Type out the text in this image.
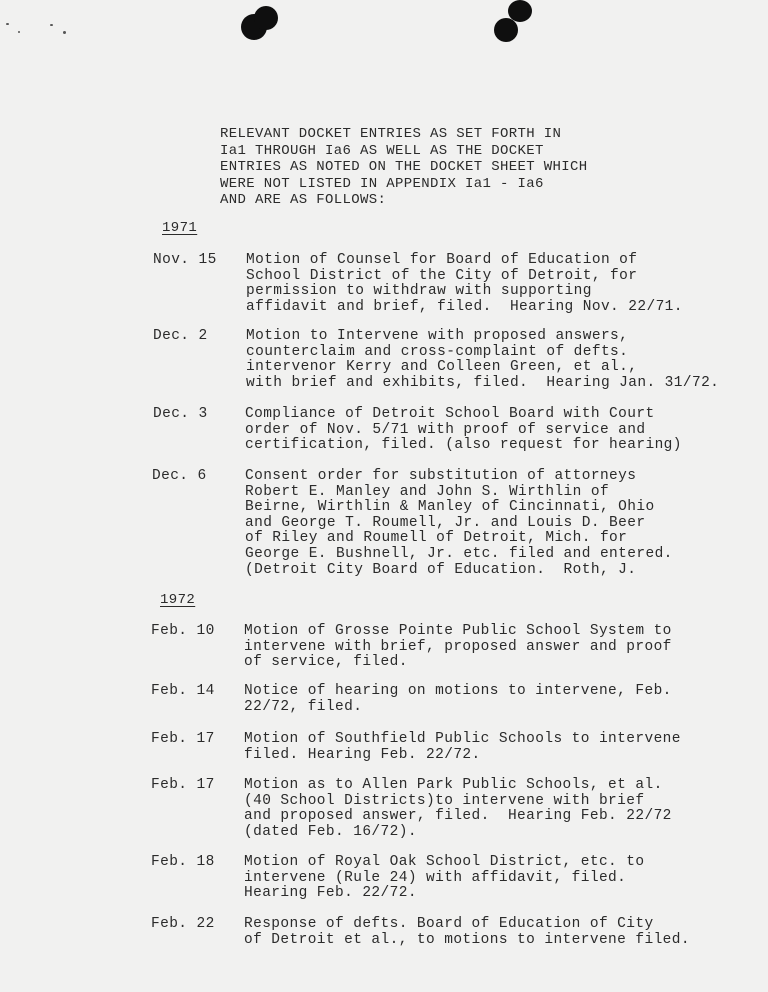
RELEVANT DOCKET ENTRIES AS SET FORTH IN
Ia1 THROUGH Ia6 AS WELL AS THE DOCKET
ENTRIES AS NOTED ON THE DOCKET SHEET WHICH
WERE NOT LISTED IN APPENDIX Ia1 - Ia6
AND ARE AS FOLLOWS:

1971
Nov. 15 Motion of Counsel for Board of Education of
School District of the City of Detroit, for
permission to withdraw with supporting
affidavit and brief, filed.  Hearing Nov. 22/71.
Dec. 2	Motion to Intervene with proposed answers,
counterclaim and cross-complaint of defts.
intervenor Kerry and Colleen Green, et al.,
with brief and exhibits, filed.  Hearing Jan. 31/72.
Dec. 3	Compliance of Detroit School Board with Court
order of Nov. 5/71 with proof of service and
certification, filed. (also request for hearing)
Dec. 6	Consent order for substitution of attorneys
Robert E. Manley and John S. Wirthlin of
Beirne, Wirthlin & Manley of Cincinnati, Ohio
and George T. Roumell, Jr. and Louis D. Beer
of Riley and Roumell of Detroit, Mich. for
George E. Bushnell, Jr. etc. filed and entered.
(Detroit City Board of Education.  Roth, J.
1972
Feb. 10 Motion of Grosse Pointe Public School System to
intervene with brief, proposed answer and proof
of service, filed.
Feb. 14 Notice of hearing on motions to intervene, Feb.
22/72, filed.
Feb. 17 Motion of Southfield Public Schools to intervene
filed. Hearing Feb. 22/72.
Feb. 17 Motion as to Allen Park Public Schools, et al.
(40 School Districts)to intervene with brief
and proposed answer, filed.  Hearing Feb. 22/72
(dated Feb. 16/72).
Feb. 18 Motion of Royal Oak School District, etc. to
intervene (Rule 24) with affidavit, filed.
Hearing Feb. 22/72.
Feb. 22 Response of defts. Board of Education of City
of Detroit et al., to motions to intervene filed.
